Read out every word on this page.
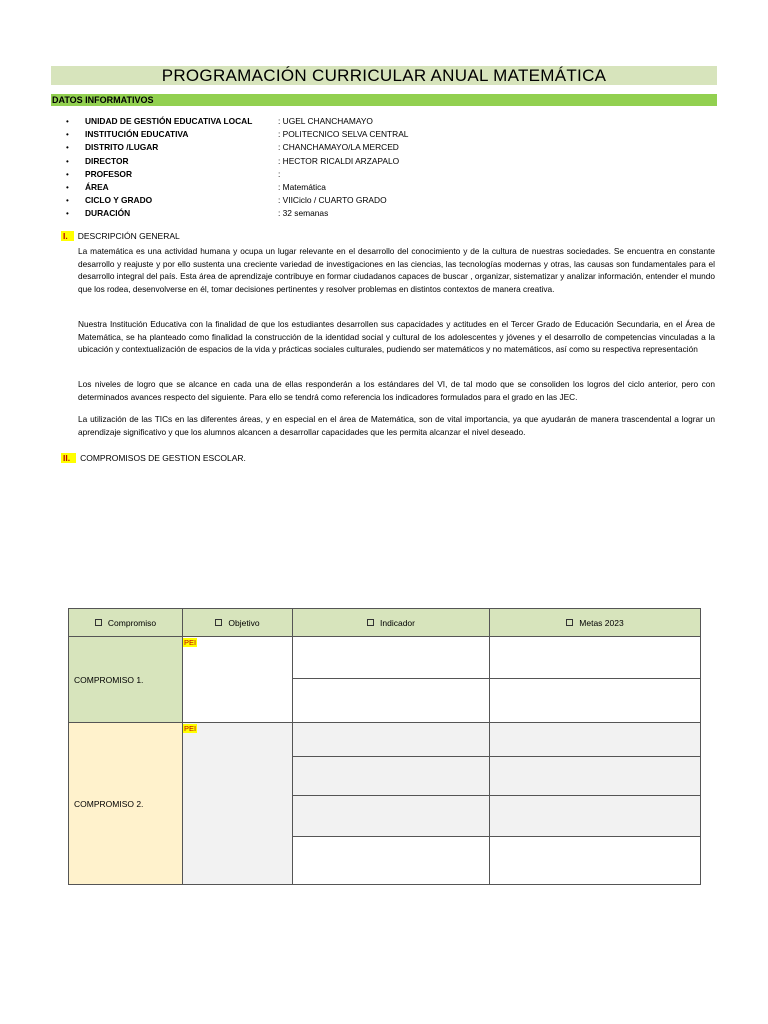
PROGRAMACIÓN CURRICULAR ANUAL MATEMÁTICA
DATOS INFORMATIVOS
• UNIDAD DE GESTIÓN EDUCATIVA LOCAL	: UGEL CHANCHAMAYO
• INSTITUCIÓN EDUCATIVA	: POLITECNICO SELVA CENTRAL
• DISTRITO /LUGAR	: CHANCHAMAYO/LA MERCED
• DIRECTOR	: HECTOR RICALDI ARZAPALO
• PROFESOR	:
• ÁREA	: Matemática
• CICLO Y GRADO	: VIICiclo / CUARTO GRADO
• DURACIÓN	: 32 semanas
I. DESCRIPCIÓN GENERAL

La matemática es una actividad humana y ocupa un lugar relevante en el desarrollo del conocimiento y de la cultura de nuestras sociedades. Se encuentra en constante desarrollo y reajuste y por ello sustenta una creciente variedad de investigaciones en las ciencias, las tecnologías modernas y otras, las causas son fundamentales para el desarrollo integral del país. Esta área de aprendizaje contribuye en formar ciudadanos capaces de buscar , organizar, sistematizar y analizar información, entender el mundo que los rodea, desenvolverse en él, tomar decisiones pertinentes y resolver problemas en distintos contextos de manera creativa.

Nuestra Institución Educativa con la finalidad de que los estudiantes desarrollen sus capacidades y actitudes en el Tercer Grado de Educación Secundaria, en el Área de Matemática, se ha planteado como finalidad la construcción de la identidad social y cultural de los adolescentes y jóvenes y el desarrollo de competencias vinculadas a la ubicación y contextualización de espacios de la vida y prácticas sociales culturales, pudiendo ser matemáticos y no matemáticos, así como su respectiva representación

Los niveles de logro que se alcance en cada una de ellas responderán a los estándares del VI, de tal modo que se consoliden los logros del ciclo anterior, pero con determinados avances respecto del siguiente. Para ello se tendrá como referencia los indicadores formulados para el grado en las JEC.

La utilización de las TICs en las diferentes áreas, y en especial en el área de Matemática, son de vital importancia, ya que ayudarán de manera trascendental a lograr un aprendizaje significativo y que los alumnos alcancen a desarrollar capacidades que les permita alcanzar el nivel deseado.

II. COMPROMISOS DE GESTION ESCOLAR.
Compromiso	Objetivo	Indicador	Metas 2023
COMPROMISO 1.	PEI		

COMPROMISO 2.	PEI		
